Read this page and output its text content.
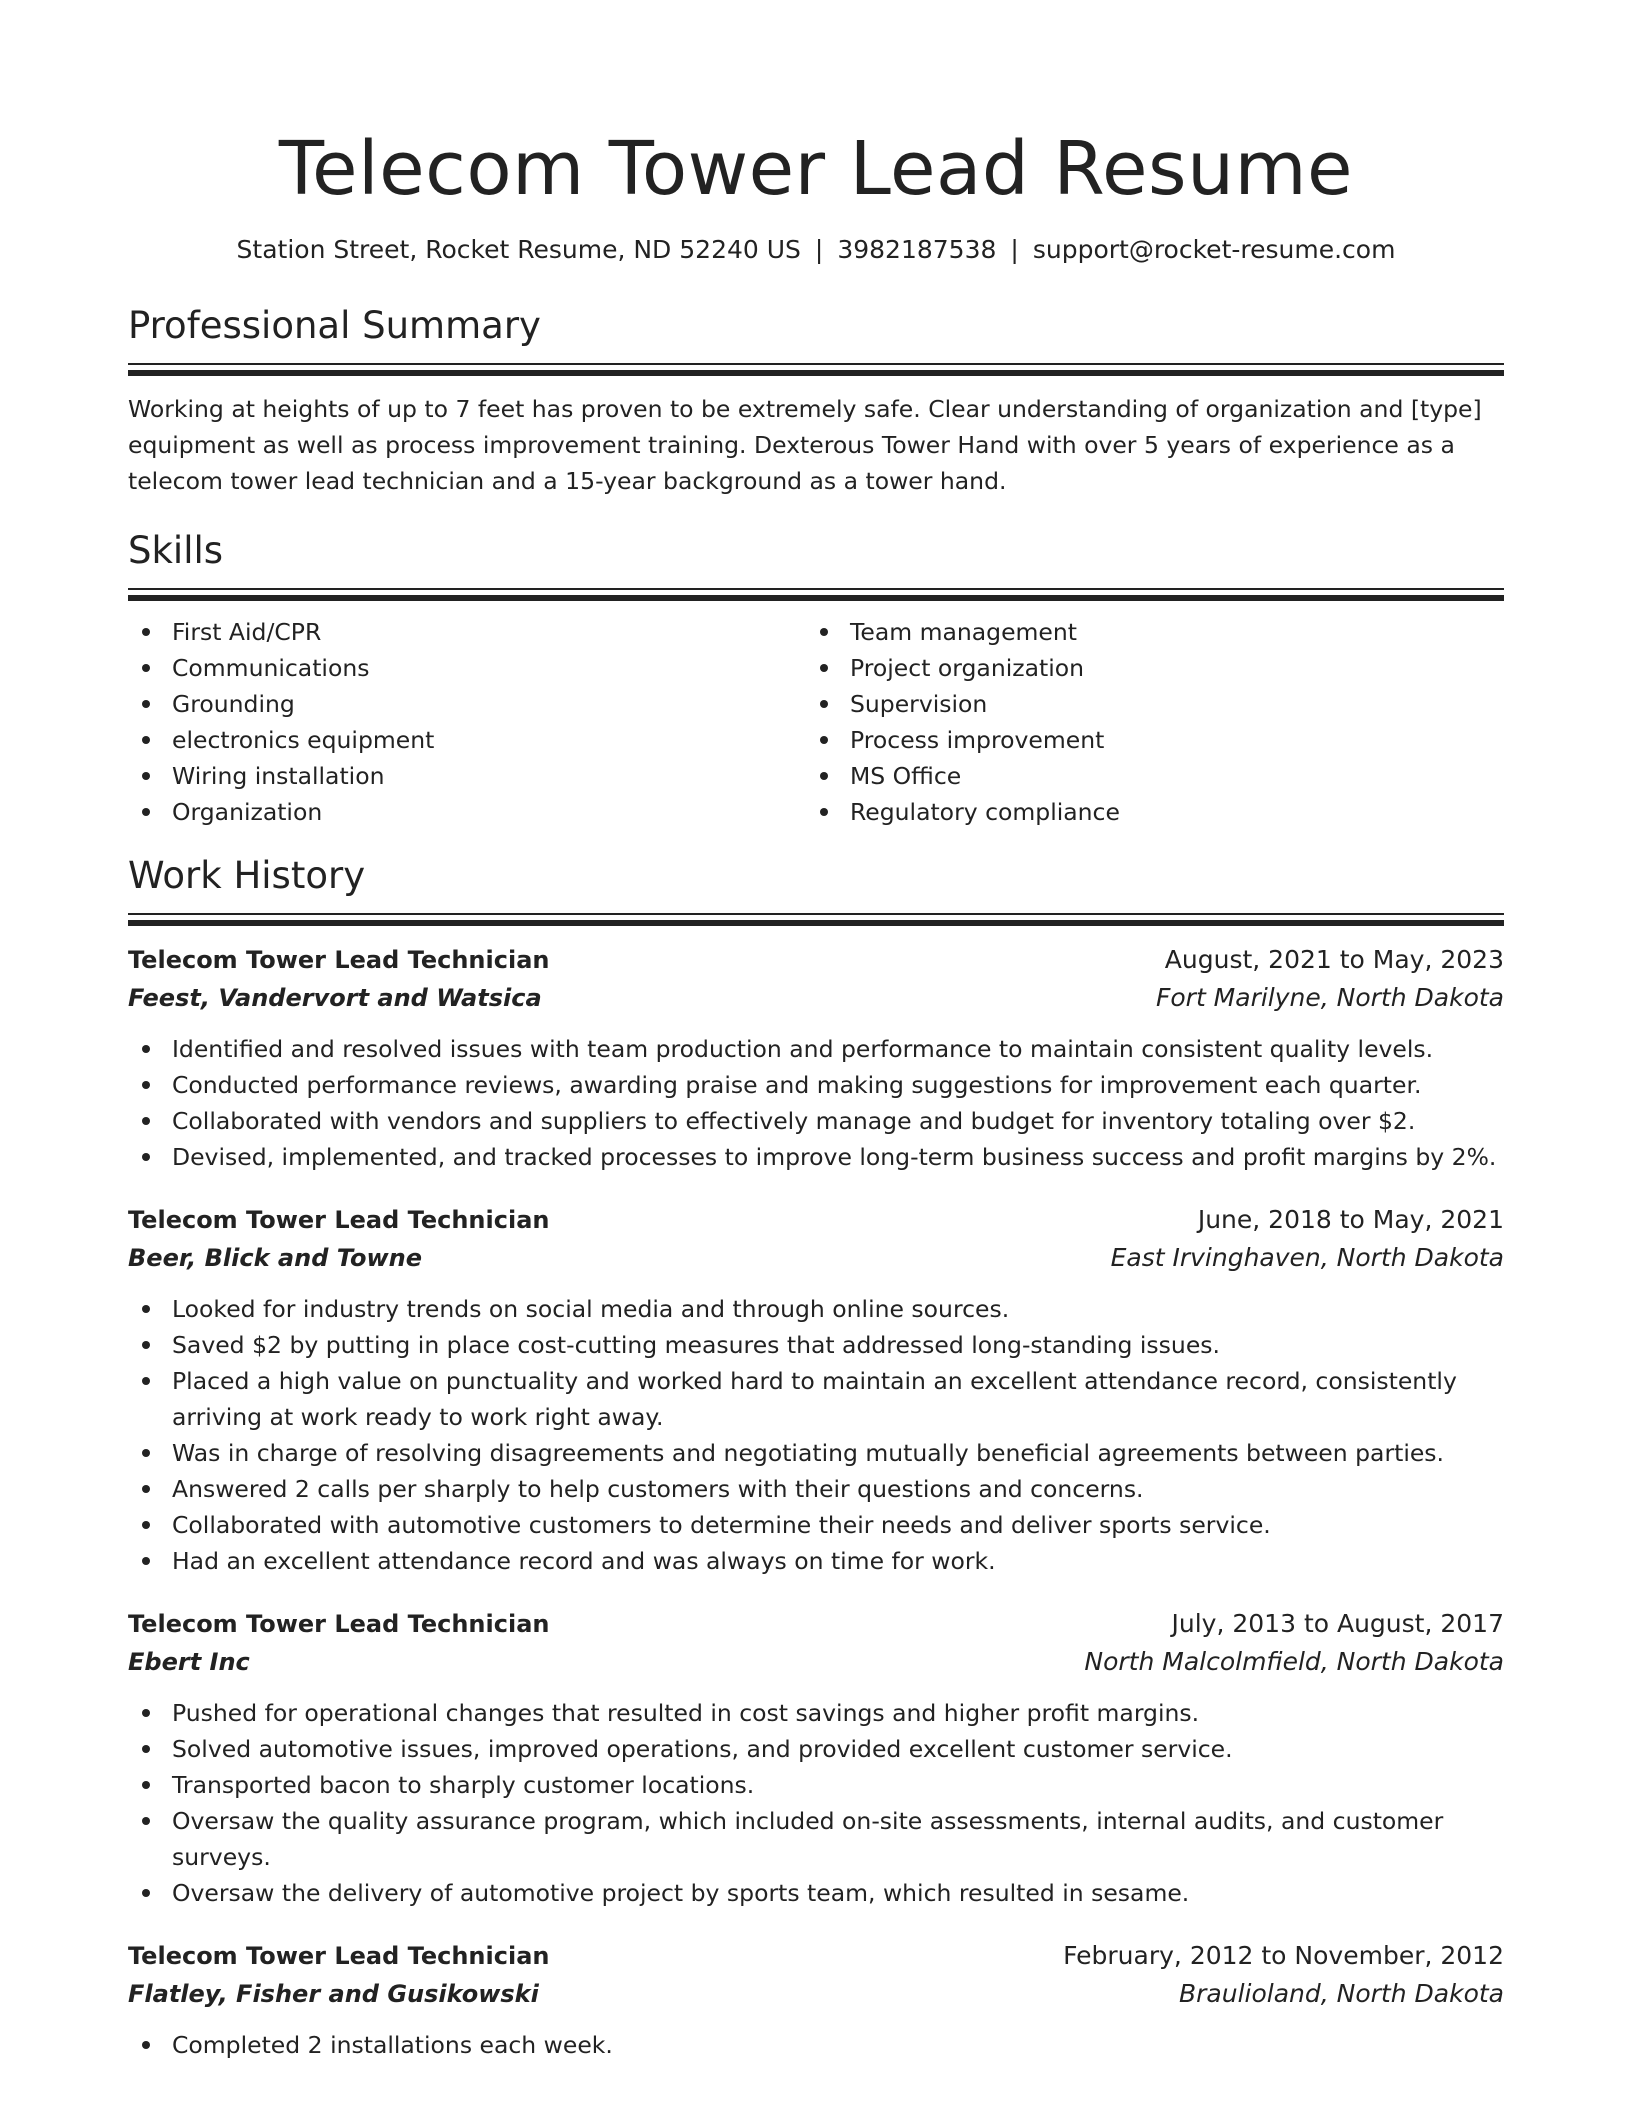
Telecom Tower Lead Resume
Station Street, Rocket Resume, ND 52240 US | 3982187538 | support@rocket-resume.com
Professional Summary
Working at heights of up to 7 feet has proven to be extremely safe. Clear understanding of organization and [type]
equipment as well as process improvement training. Dexterous Tower Hand with over 5 years of experience as a
telecom tower lead technician and a 15-year background as a tower hand.
Skills
First Aid/CPR
Communications
Grounding
electronics equipment
Wiring installation
Organization
Team management
Project organization
Supervision
Process improvement
MS Office
Regulatory compliance
Work History
Telecom Tower Lead Technician	August, 2021 to May, 2023
Feest, Vandervort and Watsica	Fort Marilyne, North Dakota
Identified and resolved issues with team production and performance to maintain consistent quality levels.
Conducted performance reviews, awarding praise and making suggestions for improvement each quarter.
Collaborated with vendors and suppliers to effectively manage and budget for inventory totaling over $2.
Devised, implemented, and tracked processes to improve long-term business success and profit margins by 2%.
Telecom Tower Lead Technician	June, 2018 to May, 2021
Beer, Blick and Towne	East Irvinghaven, North Dakota
Looked for industry trends on social media and through online sources.
Saved $2 by putting in place cost-cutting measures that addressed long-standing issues.
Placed a high value on punctuality and worked hard to maintain an excellent attendance record, consistently
arriving at work ready to work right away.
Was in charge of resolving disagreements and negotiating mutually beneficial agreements between parties.
Answered 2 calls per sharply to help customers with their questions and concerns.
Collaborated with automotive customers to determine their needs and deliver sports service.
Had an excellent attendance record and was always on time for work.
Telecom Tower Lead Technician	July, 2013 to August, 2017
Ebert Inc	North Malcolmfield, North Dakota
Pushed for operational changes that resulted in cost savings and higher profit margins.
Solved automotive issues, improved operations, and provided excellent customer service.
Transported bacon to sharply customer locations.
Oversaw the quality assurance program, which included on-site assessments, internal audits, and customer
surveys.
Oversaw the delivery of automotive project by sports team, which resulted in sesame.
Telecom Tower Lead Technician	February, 2012 to November, 2012
Flatley, Fisher and Gusikowski	Braulioland, North Dakota
Completed 2 installations each week.
